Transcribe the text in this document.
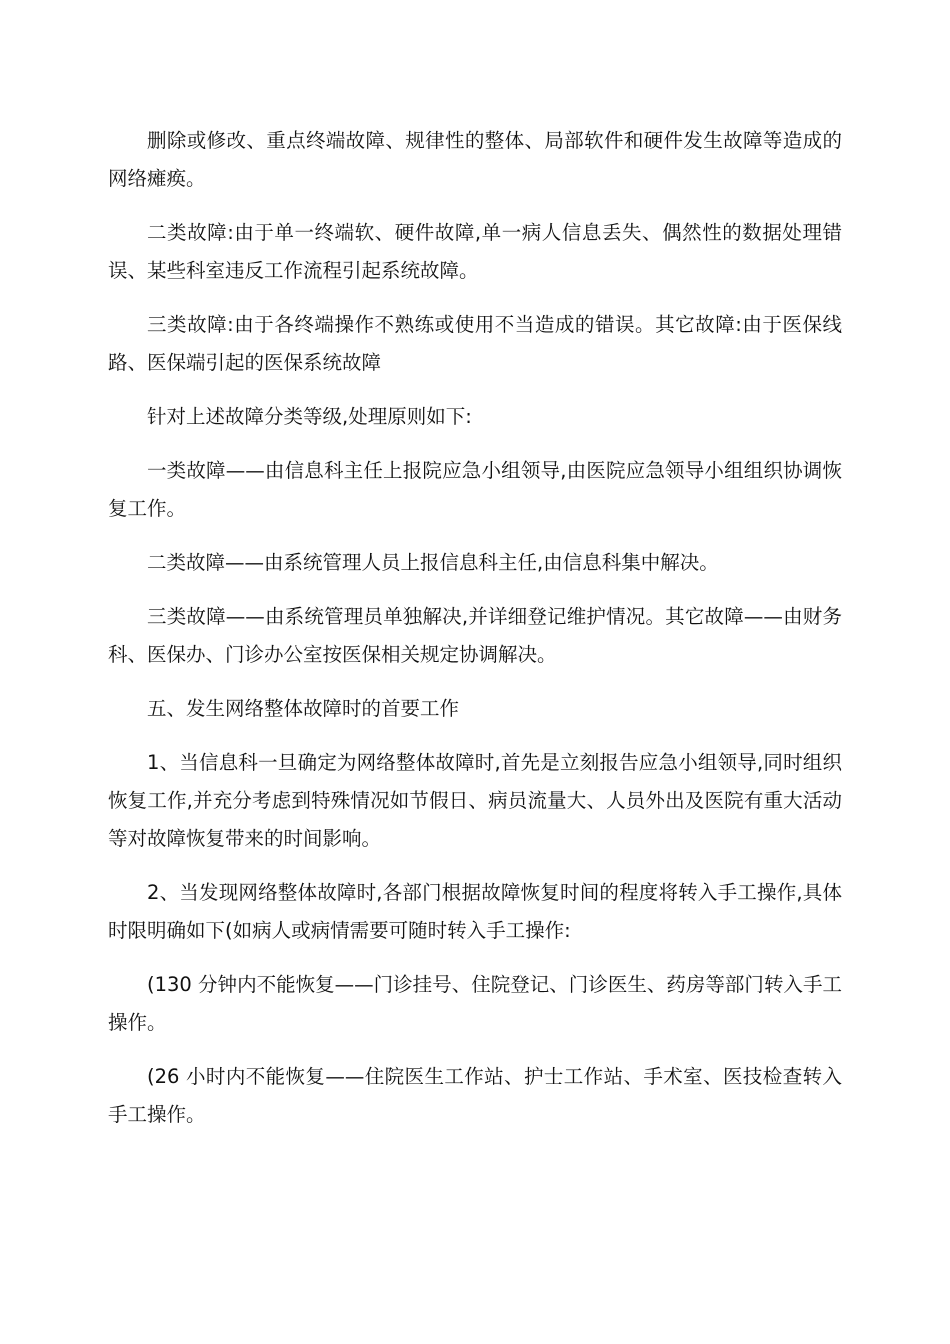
删除或修改、重点终端故障、规律性的整体、局部软件和硬件发生故障等造成的网络瘫痪。

二类故障:由于单一终端软、硬件故障,单一病人信息丢失、偶然性的数据处理错误、某些科室违反工作流程引起系统故障。

三类故障:由于各终端操作不熟练或使用不当造成的错误。其它故障:由于医保线路、医保端引起的医保系统故障

针对上述故障分类等级,处理原则如下:

一类故障——由信息科主任上报院应急小组领导,由医院应急领导小组组织协调恢复工作。

二类故障——由系统管理人员上报信息科主任,由信息科集中解决。

三类故障——由系统管理员单独解决,并详细登记维护情况。其它故障——由财务科、医保办、门诊办公室按医保相关规定协调解决。

五、发生网络整体故障时的首要工作

1、当信息科一旦确定为网络整体故障时,首先是立刻报告应急小组领导,同时组织恢复工作,并充分考虑到特殊情况如节假日、病员流量大、人员外出及医院有重大活动等对故障恢复带来的时间影响。

2、当发现网络整体故障时,各部门根据故障恢复时间的程度将转入手工操作,具体时限明确如下(如病人或病情需要可随时转入手工操作:

(130 分钟内不能恢复——门诊挂号、住院登记、门诊医生、药房等部门转入手工操作。

(26 小时内不能恢复——住院医生工作站、护士工作站、手术室、医技检查转入手工操作。
